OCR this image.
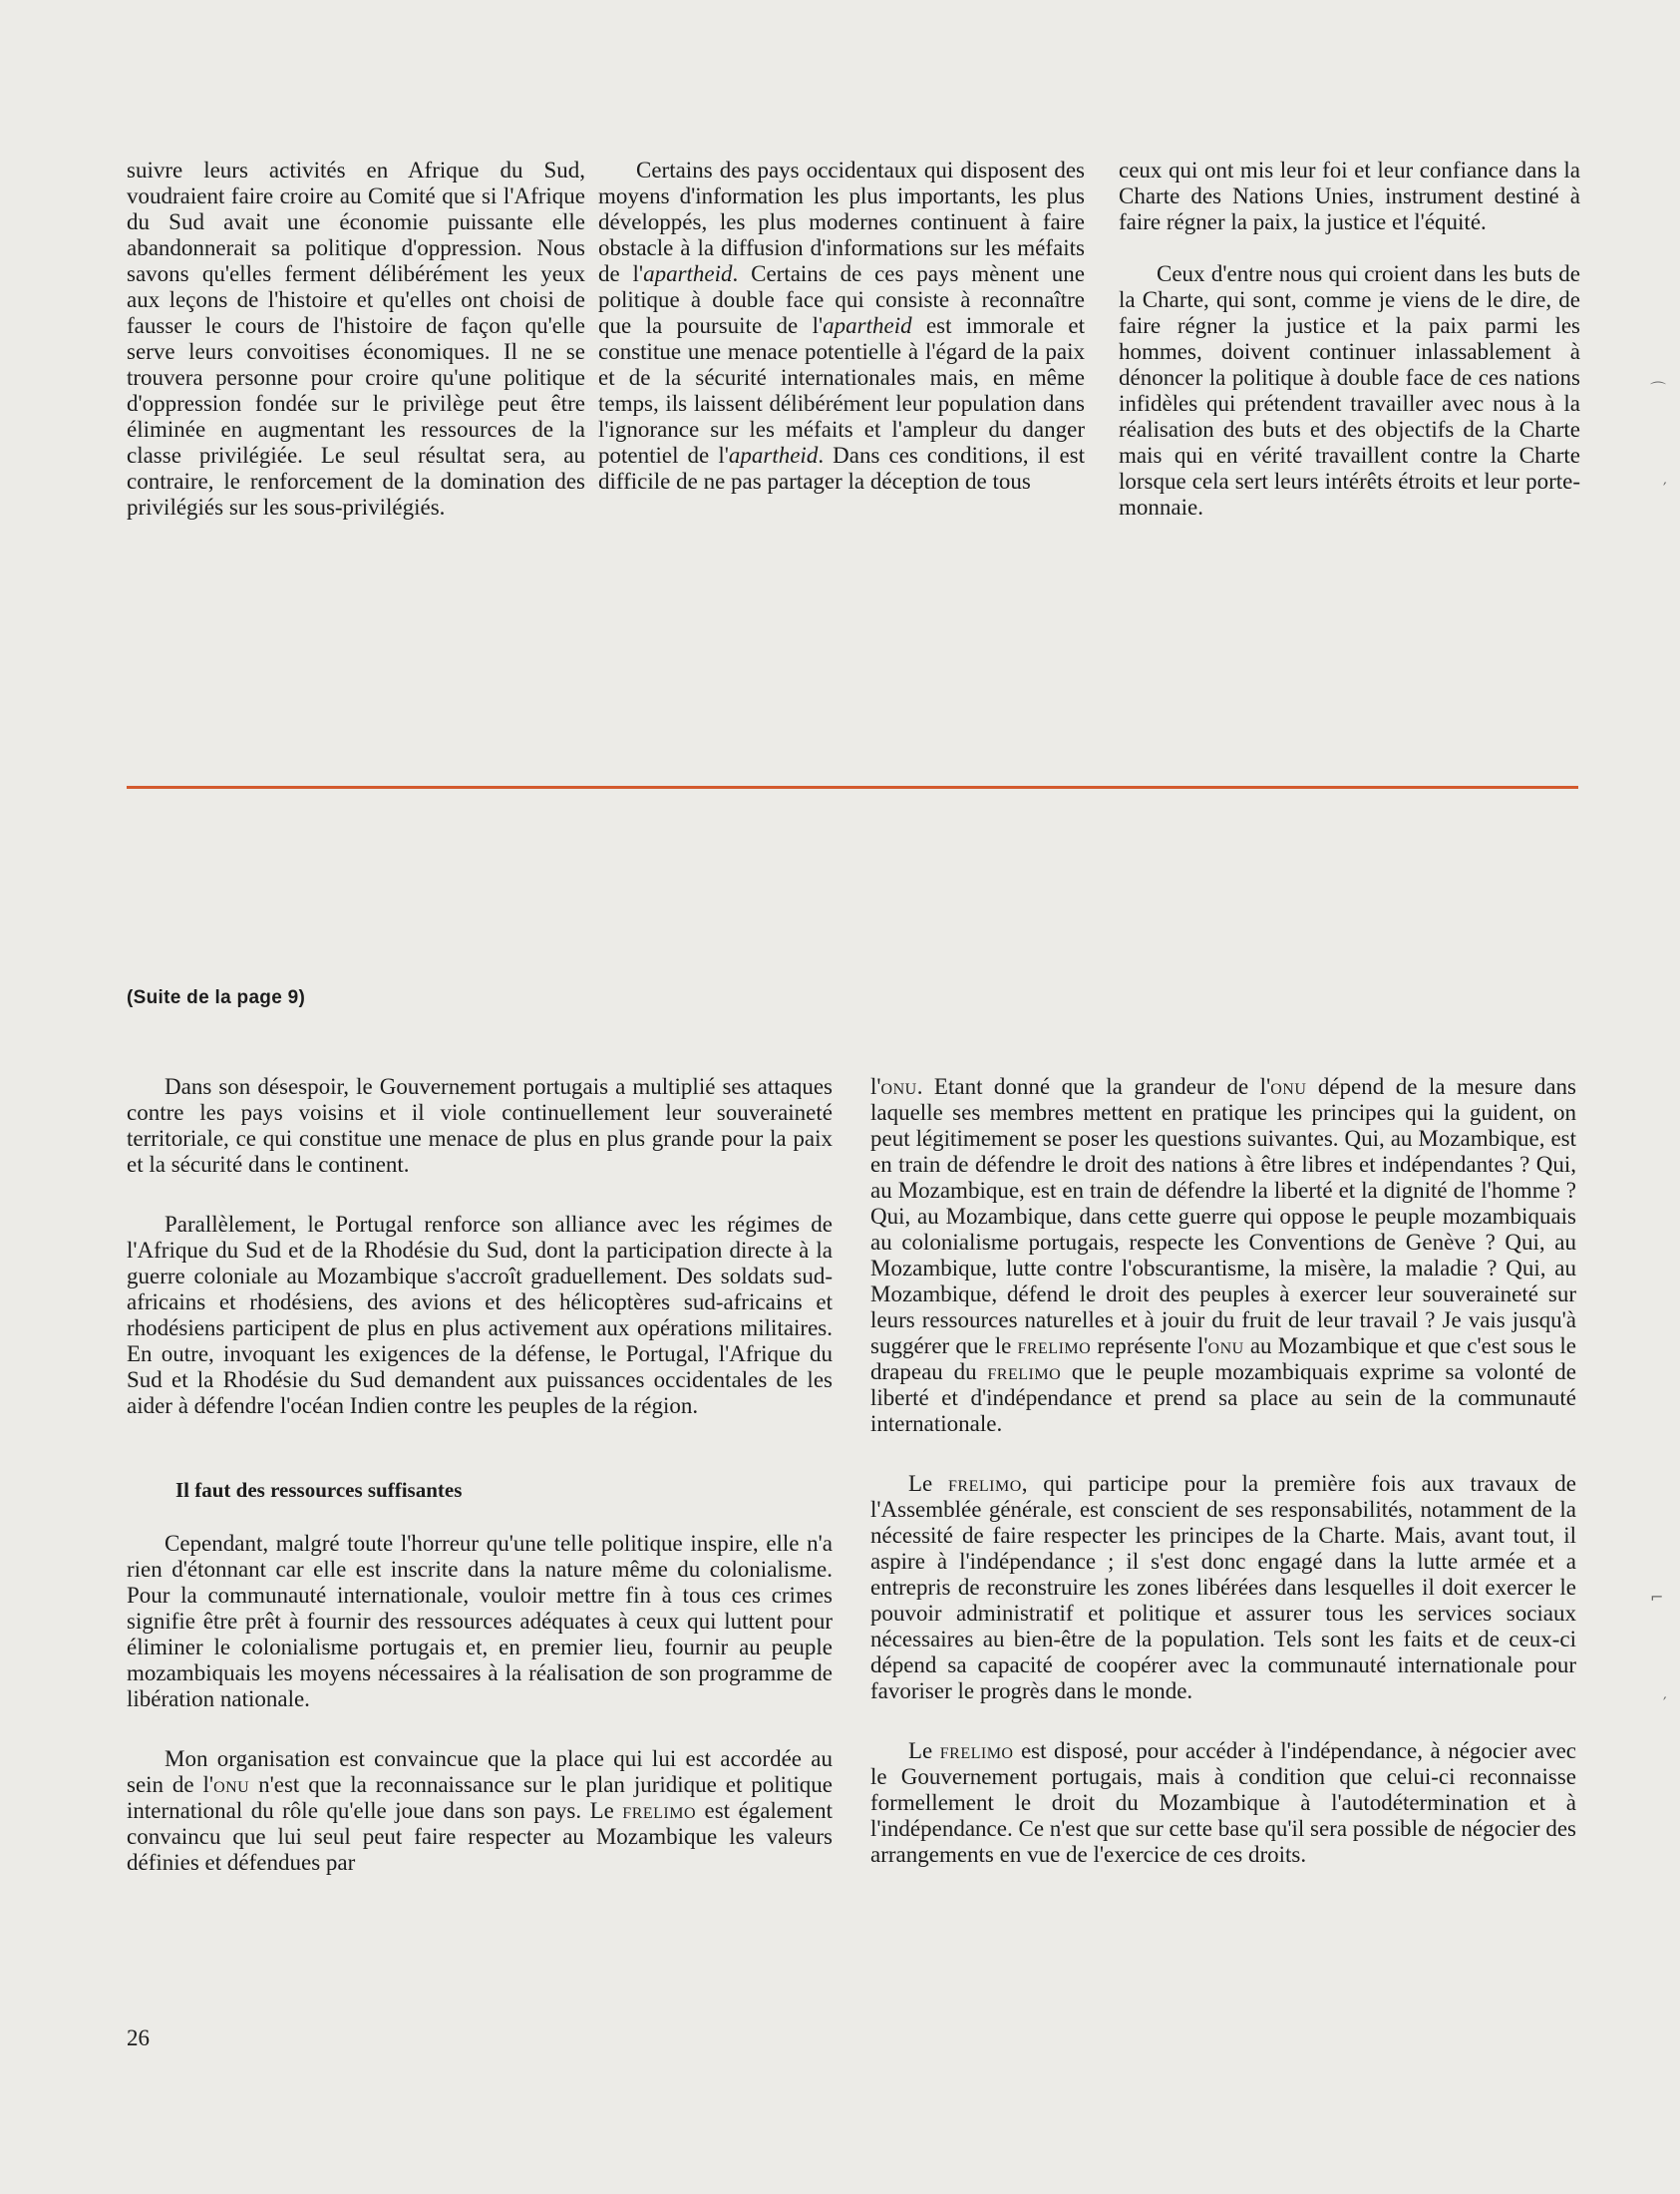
suivre leurs activités en Afrique du Sud, voudraient faire croire au Comité que si l'Afrique du Sud avait une économie puissante elle abandonnerait sa politique d'oppression. Nous savons qu'elles ferment délibérément les yeux aux leçons de l'histoire et qu'elles ont choisi de fausser le cours de l'histoire de façon qu'elle serve leurs convoitises économiques. Il ne se trouvera personne pour croire qu'une politique d'oppression fondée sur le privilège peut être éliminée en augmentant les ressources de la classe privilégiée. Le seul résultat sera, au contraire, le renforcement de la domination des privilégiés sur les sous-privilégiés.

Certains des pays occidentaux qui disposent des moyens d'information les plus importants, les plus développés, les plus modernes continuent à faire obstacle à la diffusion d'informations sur les méfaits de l'apartheid. Certains de ces pays mènent une politique à double face qui consiste à reconnaître que la poursuite de l'apartheid est immorale et constitue une menace potentielle à l'égard de la paix et de la sécurité internationales mais, en même temps, ils laissent délibérément leur population dans l'ignorance sur les méfaits et l'ampleur du danger potentiel de l'apartheid. Dans ces conditions, il est difficile de ne pas partager la déception de tous

ceux qui ont mis leur foi et leur confiance dans la Charte des Nations Unies, instrument destiné à faire régner la paix, la justice et l'équité.

Ceux d'entre nous qui croient dans les buts de la Charte, qui sont, comme je viens de le dire, de faire régner la justice et la paix parmi les hommes, doivent continuer inlassablement à dénoncer la politique à double face de ces nations infidèles qui prétendent travailler avec nous à la réalisation des buts et des objectifs de la Charte mais qui en vérité travaillent contre la Charte lorsque cela sert leurs intérêts étroits et leur porte-monnaie.

(Suite de la page 9)

Dans son désespoir, le Gouvernement portugais a multiplié ses attaques contre les pays voisins et il viole continuellement leur souveraineté territoriale, ce qui constitue une menace de plus en plus grande pour la paix et la sécurité dans le continent.

Parallèlement, le Portugal renforce son alliance avec les régimes de l'Afrique du Sud et de la Rhodésie du Sud, dont la participation directe à la guerre coloniale au Mozambique s'accroît graduellement. Des soldats sud-africains et rhodésiens, des avions et des hélicoptères sud-africains et rhodésiens participent de plus en plus activement aux opérations militaires. En outre, invoquant les exigences de la défense, le Portugal, l'Afrique du Sud et la Rhodésie du Sud demandent aux puissances occidentales de les aider à défendre l'océan Indien contre les peuples de la région.

Il faut des ressources suffisantes

Cependant, malgré toute l'horreur qu'une telle politique inspire, elle n'a rien d'étonnant car elle est inscrite dans la nature même du colonialisme. Pour la communauté internationale, vouloir mettre fin à tous ces crimes signifie être prêt à fournir des ressources adéquates à ceux qui luttent pour éliminer le colonialisme portugais et, en premier lieu, fournir au peuple mozambiquais les moyens nécessaires à la réalisation de son programme de libération nationale.

Mon organisation est convaincue que la place qui lui est accordée au sein de l'onu n'est que la reconnaissance sur le plan juridique et politique international du rôle qu'elle joue dans son pays. Le frelimo est également convaincu que lui seul peut faire respecter au Mozambique les valeurs définies et défendues par

l'onu. Etant donné que la grandeur de l'onu dépend de la mesure dans laquelle ses membres mettent en pratique les principes qui la guident, on peut légitimement se poser les questions suivantes. Qui, au Mozambique, est en train de défendre le droit des nations à être libres et indépendantes ? Qui, au Mozambique, est en train de défendre la liberté et la dignité de l'homme ? Qui, au Mozambique, dans cette guerre qui oppose le peuple mozambiquais au colonialisme portugais, respecte les Conventions de Genève ? Qui, au Mozambique, lutte contre l'obscurantisme, la misère, la maladie ? Qui, au Mozambique, défend le droit des peuples à exercer leur souveraineté sur leurs ressources naturelles et à jouir du fruit de leur travail ? Je vais jusqu'à suggérer que le frelimo représente l'onu au Mozambique et que c'est sous le drapeau du frelimo que le peuple mozambiquais exprime sa volonté de liberté et d'indépendance et prend sa place au sein de la communauté internationale.

Le frelimo, qui participe pour la première fois aux travaux de l'Assemblée générale, est conscient de ses responsabilités, notamment de la nécessité de faire respecter les principes de la Charte. Mais, avant tout, il aspire à l'indépendance ; il s'est donc engagé dans la lutte armée et a entrepris de reconstruire les zones libérées dans lesquelles il doit exercer le pouvoir administratif et politique et assurer tous les services sociaux nécessaires au bien-être de la population. Tels sont les faits et de ceux-ci dépend sa capacité de coopérer avec la communauté internationale pour favoriser le progrès dans le monde.

Le frelimo est disposé, pour accéder à l'indépendance, à négocier avec le Gouvernement portugais, mais à condition que celui-ci reconnaisse formellement le droit du Mozambique à l'autodétermination et à l'indépendance. Ce n'est que sur cette base qu'il sera possible de négocier des arrangements en vue de l'exercice de ces droits.

26
⌒
′
⌐
′
